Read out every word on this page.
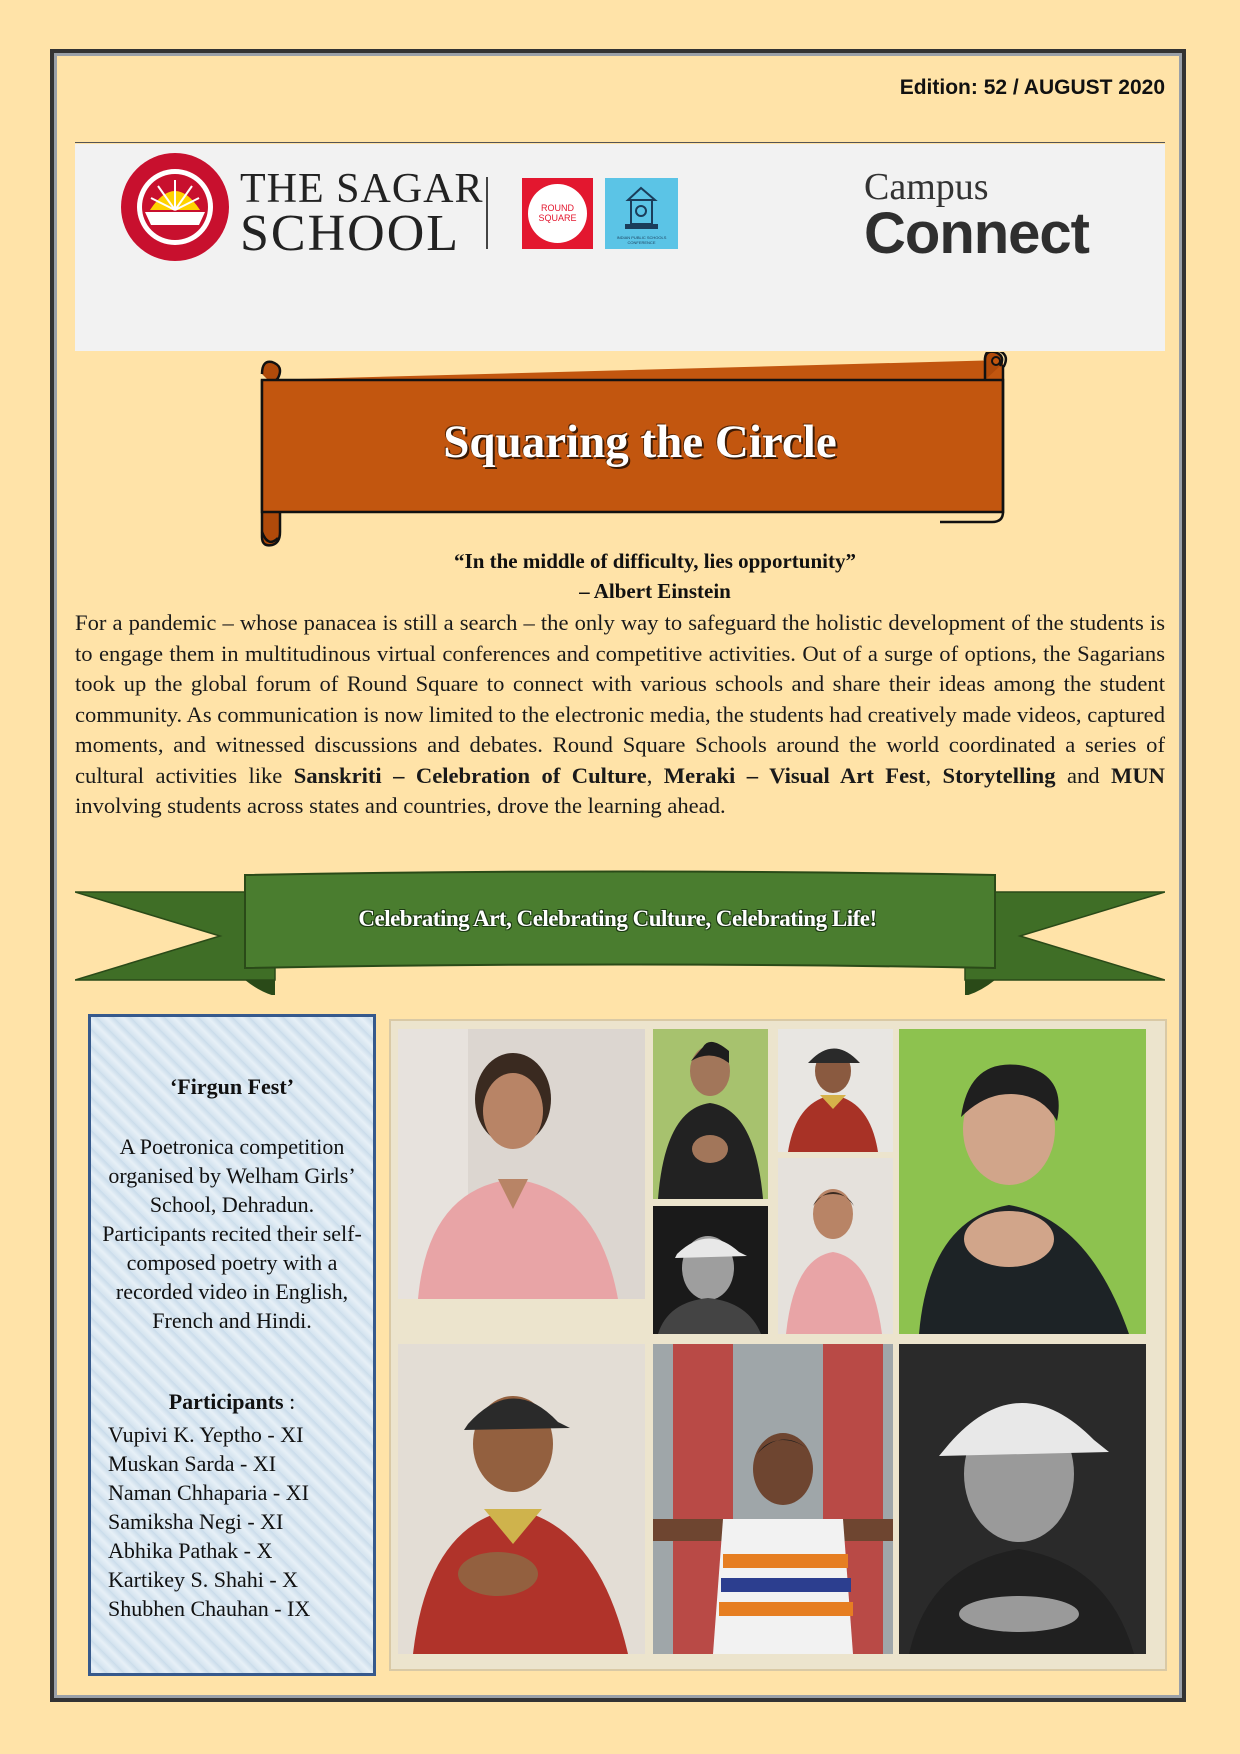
Edition: 52 / AUGUST 2020
THE SAGAR
SCHOOL	ROUND SQUARE
INDIAN PUBLIC SCHOOLS CONFERENCE
Campus
Connect
Squaring the Circle
“In the middle of difficulty, lies opportunity”
– Albert Einstein
For a pandemic – whose panacea is still a search – the only way to safeguard the holistic development of the students is to engage them in multitudinous virtual conferences and competitive activities. Out of a surge of options, the Sagarians took up the global forum of Round Square to connect with various schools and share their ideas among the student community. As communication is now limited to the electronic media, the students had creatively made videos, captured moments, and witnessed discussions and debates. Round Square Schools around the world coordinated a series of cultural activities like Sanskriti – Celebration of Culture, Meraki – Visual Art Fest, Storytelling and MUN involving students across states and countries, drove the learning ahead.
Celebrating Art, Celebrating Culture, Celebrating Life!
‘Firgun Fest’
A Poetronica competition organised by Welham Girls’ School, Dehradun. Participants recited their self-composed poetry with a recorded video in English, French and Hindi.
Participants :
Vupivi K. Yeptho - XI
Muskan Sarda - XI
Naman Chhaparia - XI
Samiksha Negi - XI
Abhika Pathak - X
Kartikey S. Shahi - X
Shubhen Chauhan - IX
